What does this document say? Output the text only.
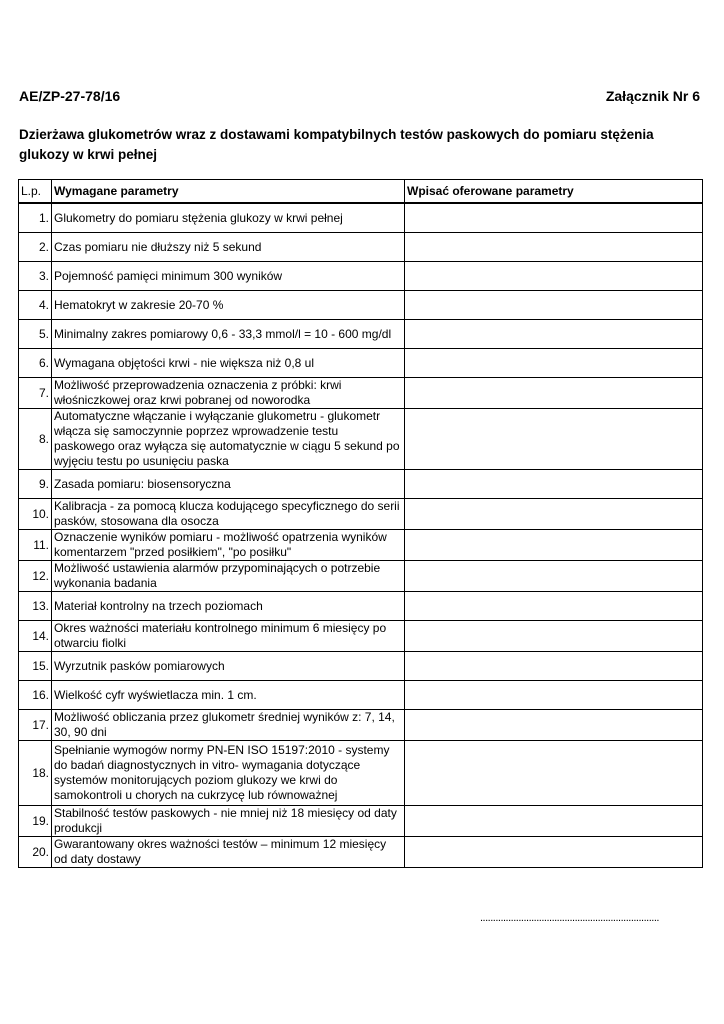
AE/ZP-27-78/16	Załącznik Nr 6
Dzierżawa glukometrów wraz z dostawami kompatybilnych testów paskowych do pomiaru stężenia glukozy w krwi pełnej
L.p.	Wymagane parametry	Wpisać oferowane parametry
1.	Glukometry do pomiaru stężenia glukozy w krwi pełnej	
2.	Czas pomiaru nie dłuższy niż 5 sekund	
3.	Pojemność pamięci minimum 300 wyników	
4.	Hematokryt w zakresie 20-70 %	
5.	Minimalny zakres pomiarowy 0,6 - 33,3 mmol/l = 10 - 600 mg/dl	
6.	Wymagana objętości krwi - nie większa niż 0,8 ul	
7.	Możliwość przeprowadzenia oznaczenia z próbki: krwi włośniczkowej oraz krwi pobranej od noworodka	
8.	Automatyczne włączanie i wyłączanie glukometru - glukometr włącza się samoczynnie poprzez wprowadzenie testu paskowego oraz wyłącza się automatycznie w ciągu 5 sekund po wyjęciu testu po usunięciu paska	
9.	Zasada pomiaru: biosensoryczna	
10.	Kalibracja - za pomocą klucza kodującego specyficznego do serii pasków, stosowana dla osocza	
11.	Oznaczenie wyników pomiaru - możliwość opatrzenia wyników komentarzem "przed posiłkiem", "po posiłku"	
12.	Możliwość ustawienia alarmów przypominających o potrzebie wykonania badania	
13.	Materiał kontrolny na trzech poziomach	
14.	Okres ważności materiału kontrolnego minimum 6 miesięcy po otwarciu fiolki	
15.	Wyrzutnik pasków pomiarowych	
16.	Wielkość cyfr wyświetlacza min. 1 cm.	
17.	Możliwość obliczania przez glukometr średniej wyników z: 7, 14, 30, 90 dni	
18.	Spełnianie wymogów normy PN-EN ISO 15197:2010 - systemy do badań diagnostycznych in vitro- wymagania dotyczące systemów monitorujących poziom glukozy we krwi do samokontroli u chorych na cukrzycę lub równoważnej	
19.	Stabilność testów paskowych - nie mniej niż 18 miesięcy od daty produkcji	
20.	Gwarantowany okres ważności testów – minimum 12 miesięcy od daty dostawy	
......................................................................
